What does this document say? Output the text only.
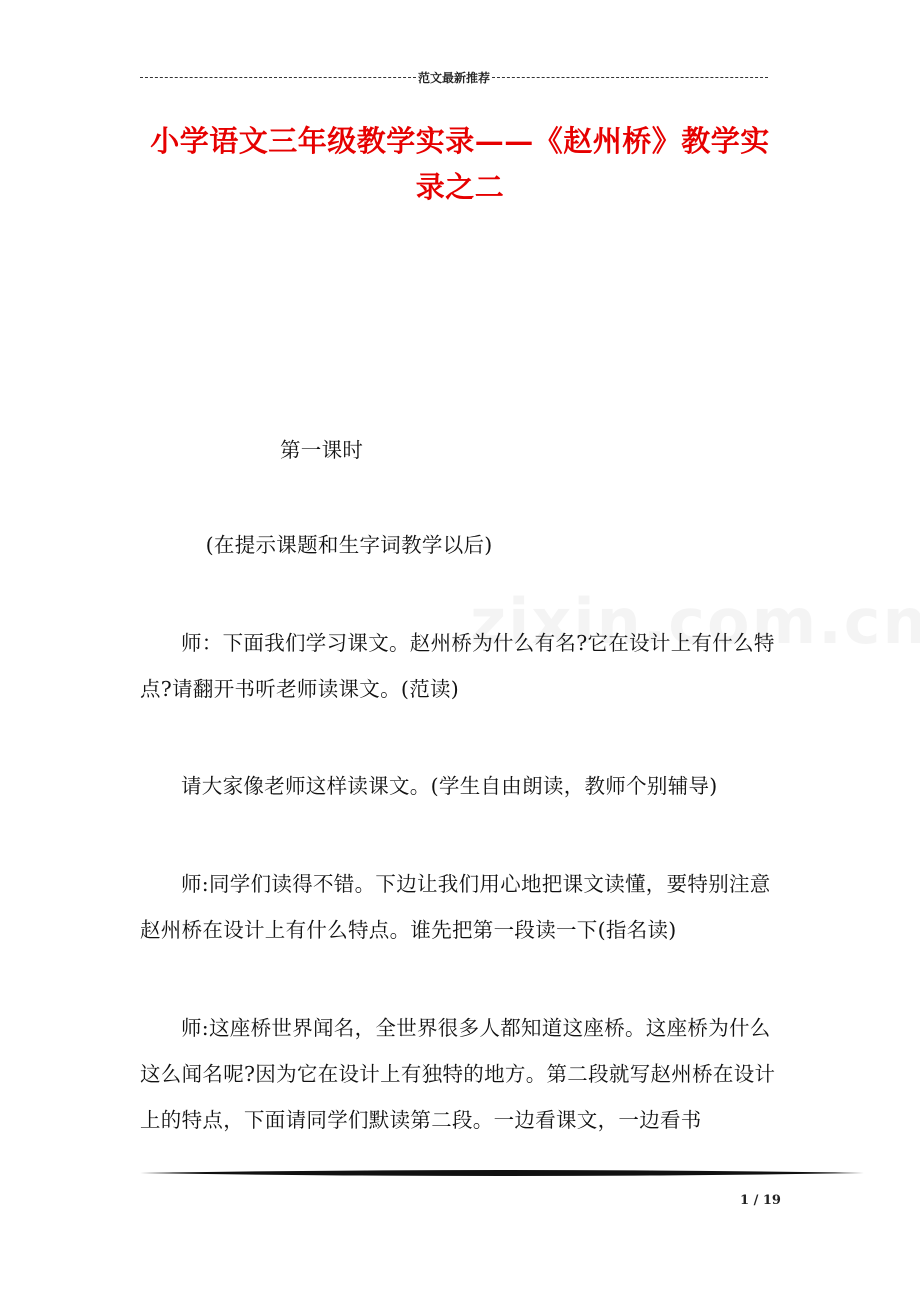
范文最新推荐
小学语文三年级教学实录——《赵州桥》教学实录之二

第一课时

(在提示课题和生字词教学以后)

师：下面我们学习课文。赵州桥为什么有名?它在设计上有什么特点?请翻开书听老师读课文。(范读)

请大家像老师这样读课文。(学生自由朗读，教师个别辅导)

师:同学们读得不错。下边让我们用心地把课文读懂，要特别注意赵州桥在设计上有什么特点。谁先把第一段读一下(指名读)

师:这座桥世界闻名，全世界很多人都知道这座桥。这座桥为什么这么闻名呢?因为它在设计上有独特的地方。第二段就写赵州桥在设计上的特点，下面请同学们默读第二段。一边看课文，一边看书

1 / 19
